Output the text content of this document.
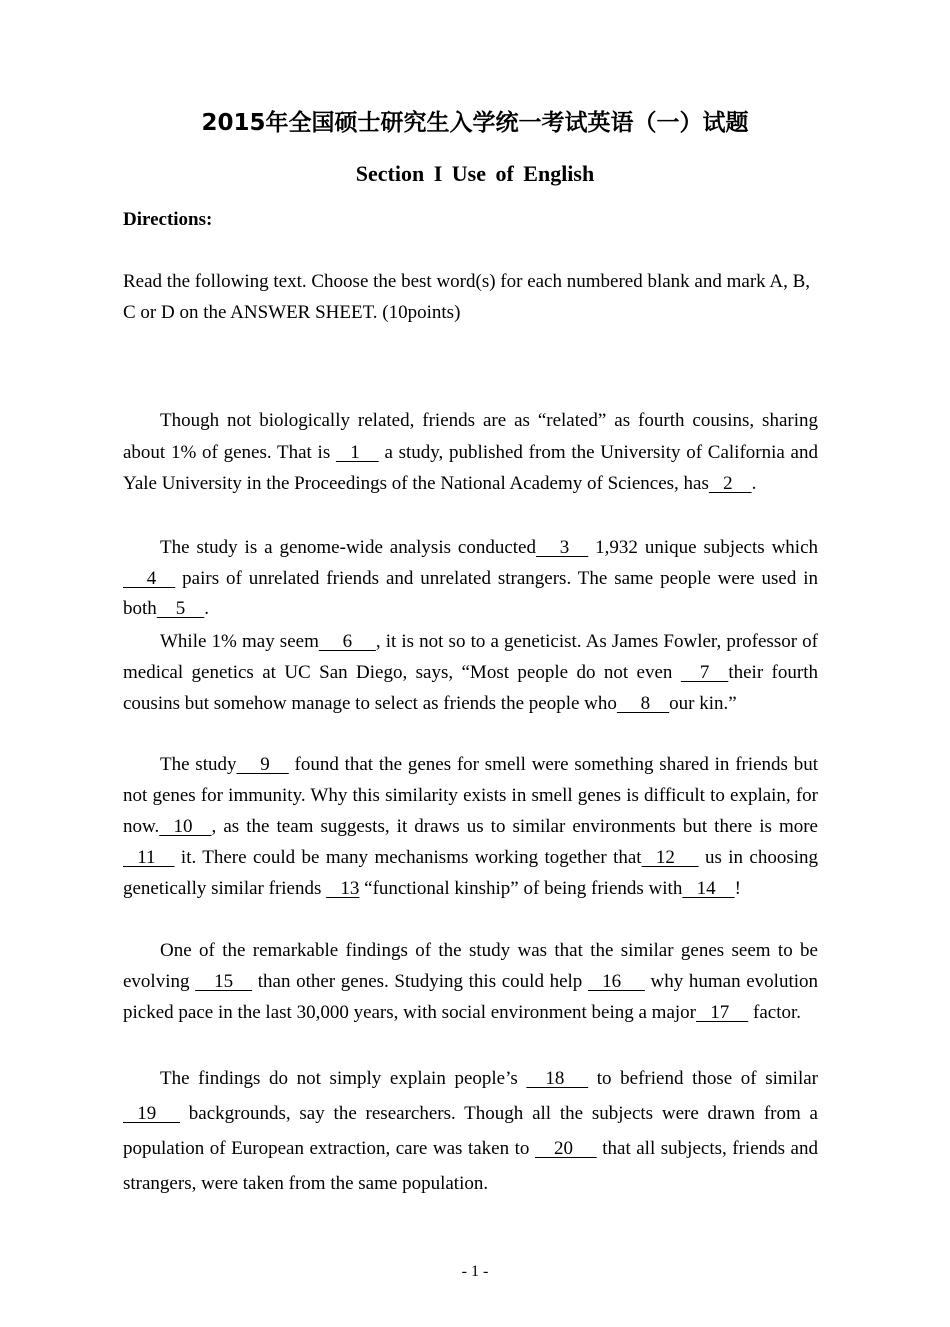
2015年全国硕士研究生入学统一考试英语（一）试题
Section I Use of English
Directions:
Read the following text. Choose the best word(s) for each numbered blank and mark A, B, C or D on the ANSWER SHEET. (10points)

Though not biologically related, friends are as “related” as fourth cousins, sharing about 1% of genes. That is    1     a study, published from the University of California and Yale University in the Proceedings of the National Academy of Sciences, has   2    .

The study is a genome-wide analysis conducted     3     1,932 unique subjects which     4     pairs of unrelated friends and unrelated strangers. The same people were used in both    5    .

While 1% may seem     6     , it is not so to a geneticist. As James Fowler, professor of medical genetics at UC San Diego, says, “Most people do not even     7    their fourth cousins but somehow manage to select as friends the people who     8    our kin.”

The study     9     found that the genes for smell were something shared in friends but not genes for immunity. Why this similarity exists in smell genes is difficult to explain, for now.   10    , as the team suggests, it draws us to similar environments but there is more    11     it. There could be many mechanisms working together that   12      us in choosing genetically similar friends    13 “functional kinship” of being friends with   14    !

One of the remarkable findings of the study was that the similar genes seem to be evolving     15     than other genes. Studying this could help    16      why human evolution picked pace in the last 30,000 years, with social environment being a major   17     factor.

The findings do not simply explain people’s     18      to befriend those of similar    19      backgrounds, say the researchers. Though all the subjects were drawn from a population of European extraction, care was taken to     20      that all subjects, friends and strangers, were taken from the same population.

- 1 -
